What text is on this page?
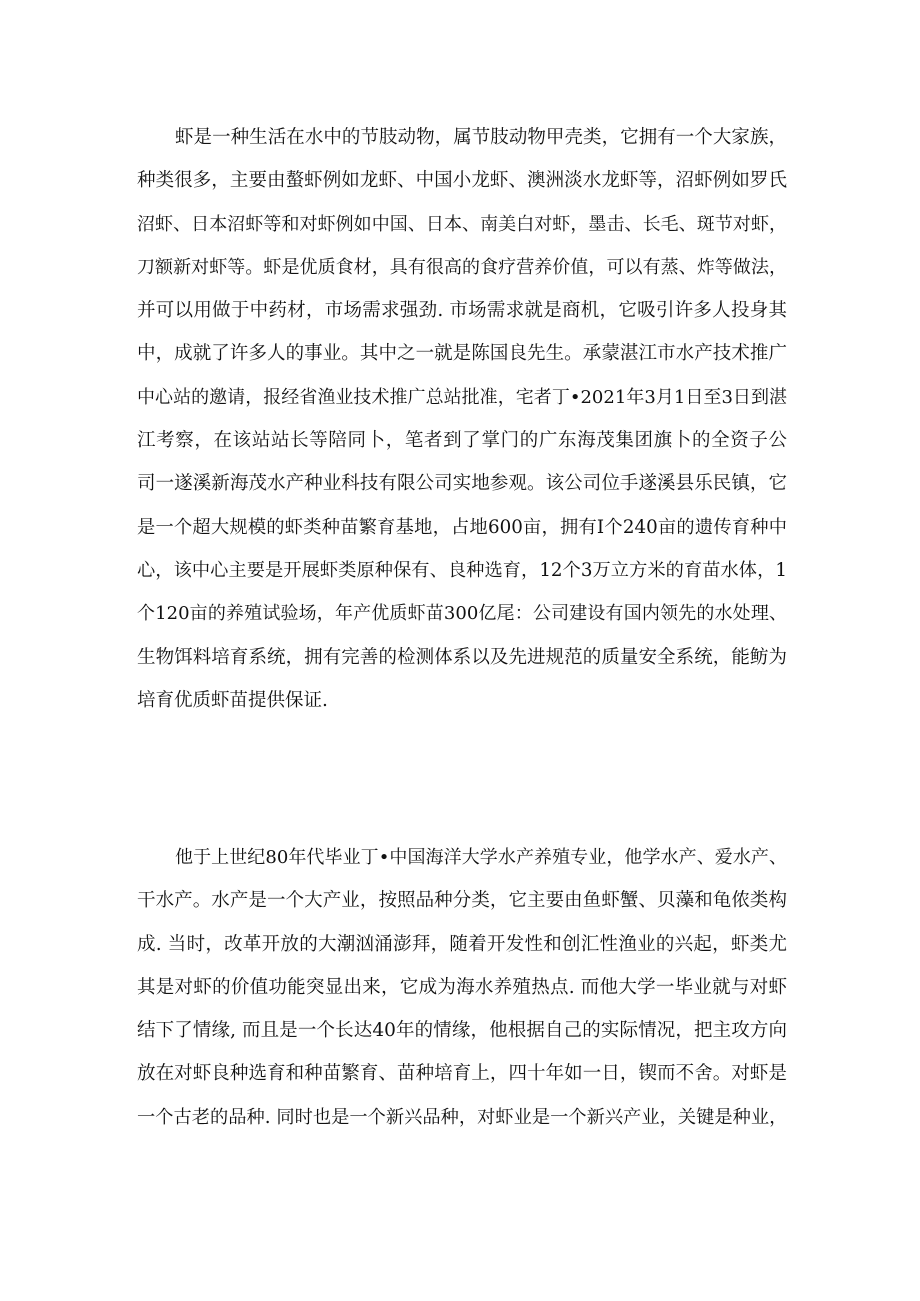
虾是一种生活在水中的节肢动物，属节肢动物甲壳类，它拥有一个大家族，
种类很多，主要由螯虾例如龙虾、中国小龙虾、澳洲淡水龙虾等，沼虾例如罗氏
沼虾、日本沼虾等和对虾例如中国、日本、南美白对虾，墨击、长毛、斑节对虾，
刀额新对虾等。虾是优质食材，具有很高的食疗营养价值，可以有蒸、炸等做法，
并可以用做于中药材，市场需求强劲. 市场需求就是商机，它吸引许多人投身其
中，成就了许多人的事业。其中之一就是陈国良先生。承蒙湛江市水产技术推广
中心站的邀请，报经省渔业技术推广总站批准，宅者丁•2021年3月1日至3日到湛
江考察，在该站站长等陪同卜，笔者到了掌门的广东海茂集团旗卜的全资子公
司一遂溪新海茂水产种业科技有限公司实地参观。该公司位手遂溪县乐民镇，它
是一个超大规模的虾类种苗繁育基地，占地600亩，拥有I个240亩的遗传育种中
心，该中心主要是开展虾类原种保有、良种选育，12个3万立方米的育苗水体，1
个120亩的养殖试验场，年产优质虾苗300亿尾：公司建设有国内领先的水处理、
生物饵料培育系统，拥有完善的检测体系以及先进规范的质量安全系统，能鲂为
培育优质虾苗提供保证.
他于上世纪80年代毕业丁•中国海洋大学水产养殖专业，他学水产、爱水产、
干水产。水产是一个大产业，按照品种分类，它主要由鱼虾蟹、贝藻和龟侬类构
成. 当时，改革开放的大潮汹涌澎拜，随着开发性和创汇性渔业的兴起，虾类尤
其是对虾的价值功能突显出来，它成为海水养殖热点. 而他大学一毕业就与对虾
结下了情缘, 而且是一个长达40年的情缘，他根据自己的实际情况，把主攻方向
放在对虾良种选育和种苗繁育、苗种培育上，四十年如一日，锲而不舍。对虾是
一个古老的品种. 同时也是一个新兴品种，对虾业是一个新兴产业，关键是种业，
